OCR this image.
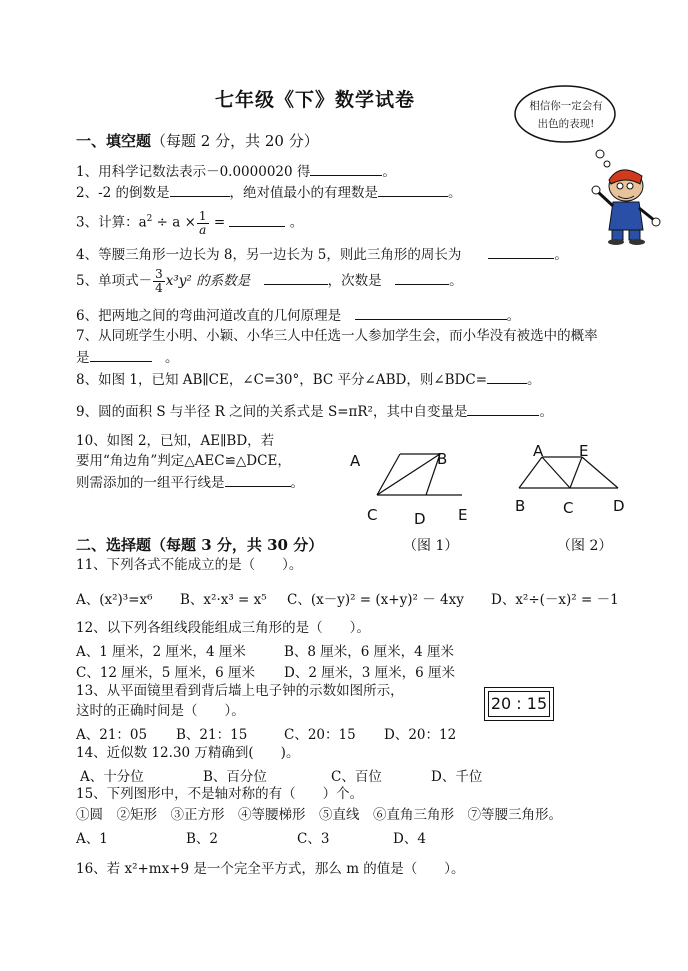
七年级《下》数学试卷	相信你一定会有
出色的表现!
一、填空题（每题 2 分，共 20 分）
1、用科学记数法表示－0.0000020 得	。
2、-2 的倒数是	，绝对值最小的有理数是	。
3、计算：$a^2 \div a \times \frac{1}{a}$ =	。
4、等腰三角形一边长为 8，另一边长为 5，则此三角形的周长为　　	。
5、单项式－ $\frac{3}{4} x^3y^2$ 的系数是　	，次数是　	。
6、把两地之间的弯曲河道改直的几何原理是　	。
7、从同班学生小明、小颖、小华三人中任选一人参加学生会，而小华没有被选中的概率
是　	。
8、如图 1，已知 AB∥CE，∠C=30°，BC 平分∠ABD，则∠BDC=	。
9、圆的面积 S 与半径 R 之间的关系式是 S=πR²，其中自变量是	。
10、如图 2，已知，AE∥BD，若
要用“角边角”判定△AEC≌△DCE，
则需添加的一组平行线是	。
A	B
C D E
A E
B	C	D
二、选择题（每题 3 分，共 30 分）	（图 1）	（图 2）
11、下列各式不能成立的是（　　）。
A、(x²)³=x⁶ B、x²·x³ = x⁵ C、(x－y)² = (x+y)² － 4xy D、x²÷(－x)² = －1
12、以下列各组线段能组成三角形的是（　　）。
A、1 厘米，2 厘米，4 厘米	B、8 厘米，6 厘米，4 厘米
C、12 厘米，5 厘米，6 厘米 D、2 厘米，3 厘米，6 厘米
13、从平面镜里看到背后墙上电子钟的示数如图所示，
这时的正确时间是（　　）。	20 : 15
A、21：05 B、21：15	C、20：15 D、20：12
14、近似数 12.30 万精确到(　　)。
A、十分位	B、百分位	C、百位	D、千位
15、下列图形中，不是轴对称的有（　　）个。
①圆　②矩形　③正方形　④等腰梯形　⑤直线　⑥直角三角形　⑦等腰三角形。
A、1	B、2	C、3	D、4
16、若 x²+mx+9 是一个完全平方式，那么 m 的值是（　　）。
